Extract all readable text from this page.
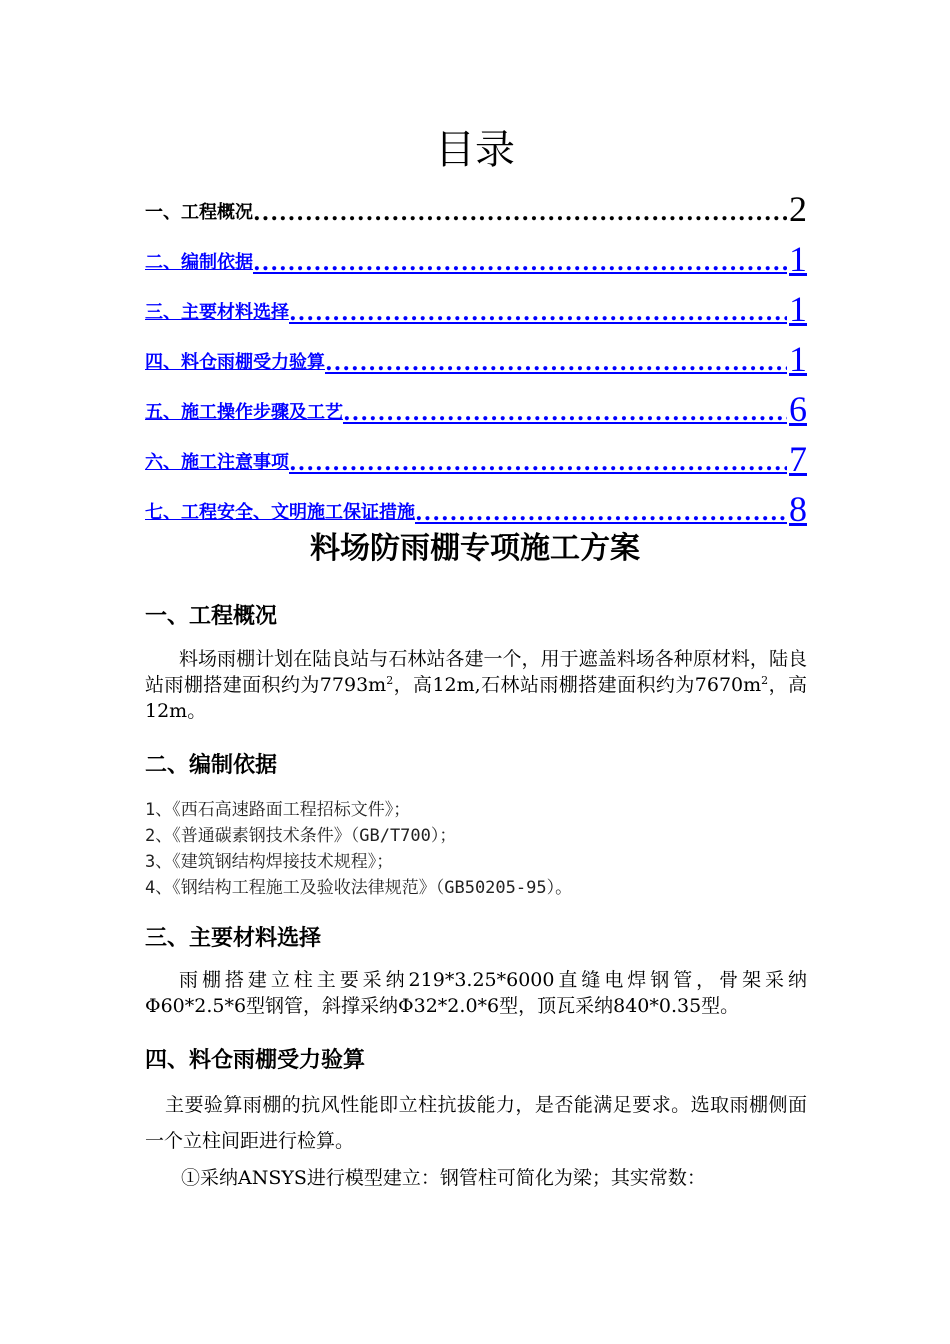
目录
一、工程概况 .....	2
二、编制依据 .....	1
三、主要材料选择 .....	1
四、料仓雨棚受力验算 .....	1
五、施工操作步骤及工艺 .....	6
六、施工注意事项 .....	7
七、工程安全、文明施工保证措施 .....	8
料场防雨棚专项施工方案
一、工程概况

料场雨棚计划在陆良站与石林站各建一个，用于遮盖料场各种原材料，陆良站雨棚搭建面积约为$7793m^2$，高12m,石林站雨棚搭建面积约为$7670m^2$，高12m。

二、编制依据
1、《西石高速路面工程招标文件》；
2、《普通碳素钢技术条件》（GB/T700）；
3、《建筑钢结构焊接技术规程》；
4、《钢结构工程施工及验收法律规范》（GB50205-95）。
三、主要材料选择

雨棚搭建立柱主要采纳219*3.25*6000直缝电焊钢管，骨架采纳Φ60*2.5*6型钢管，斜撑采纳Φ32*2.0*6型，顶瓦采纳840*0.35型。

四、料仓雨棚受力验算

主要验算雨棚的抗风性能即立柱抗拔能力，是否能满足要求。选取雨棚侧面一个立柱间距进行检算。

①采纳ANSYS进行模型建立：钢管柱可简化为梁；其实常数：
